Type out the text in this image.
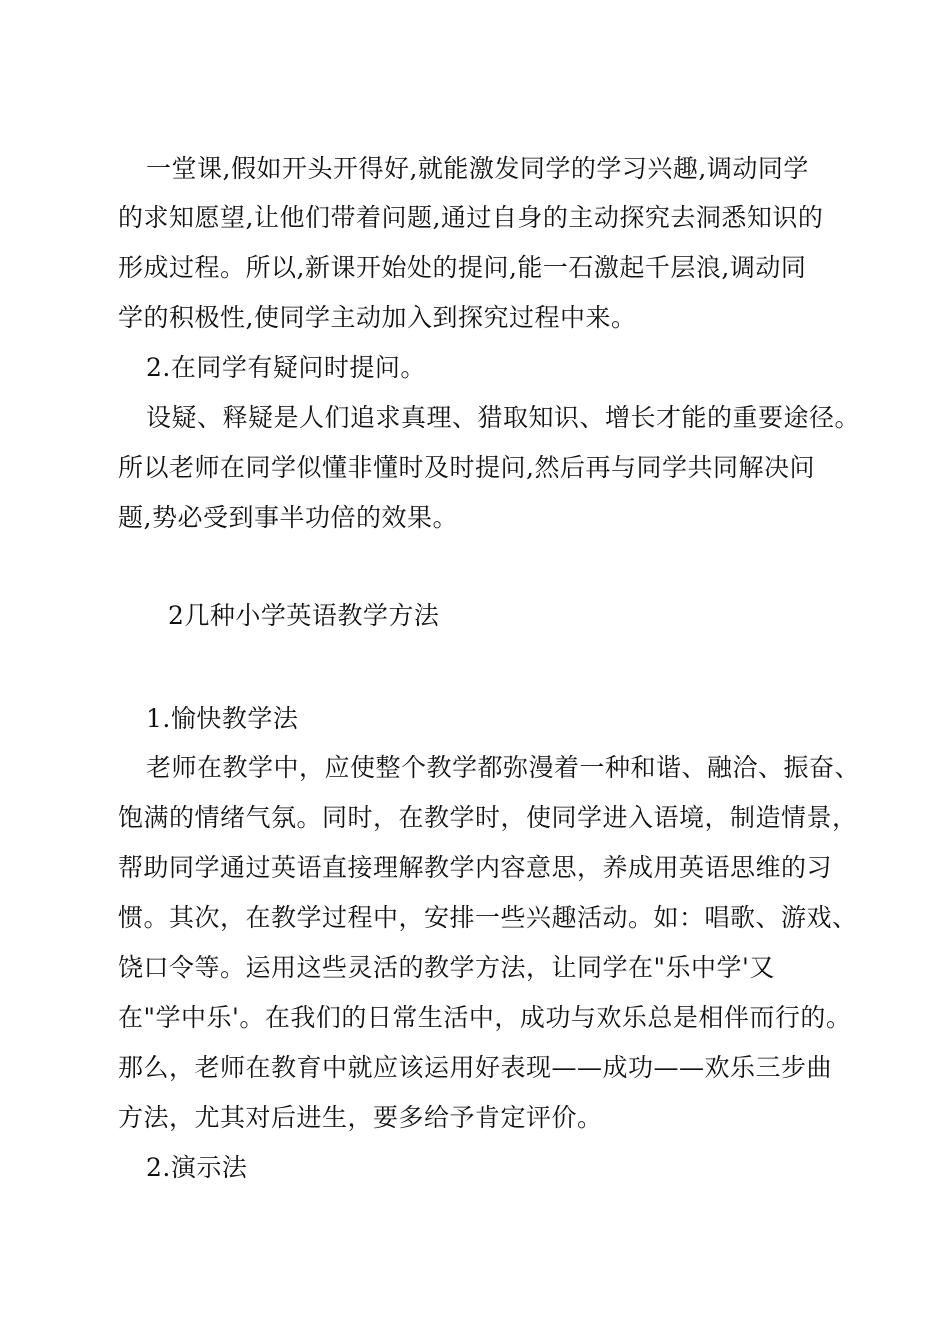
一堂课,假如开头开得好,就能激发同学的学习兴趣,调动同学
的求知愿望,让他们带着问题,通过自身的主动探究去洞悉知识的
形成过程。所以,新课开始处的提问,能一石激起千层浪,调动同
学的积极性,使同学主动加入到探究过程中来。
2.在同学有疑问时提问。
设疑、释疑是人们追求真理、猎取知识、增长才能的重要途径。
所以老师在同学似懂非懂时及时提问,然后再与同学共同解决问
题,势必受到事半功倍的效果。
2几种小学英语教学方法
1.愉快教学法
老师在教学中，应使整个教学都弥漫着一种和谐、融洽、振奋、
饱满的情绪气氛。同时，在教学时，使同学进入语境，制造情景，
帮助同学通过英语直接理解教学内容意思，养成用英语思维的习
惯。其次，在教学过程中，安排一些兴趣活动。如：唱歌、游戏、
饶口令等。运用这些灵活的教学方法，让同学在"乐中学'又
在"学中乐'。在我们的日常生活中，成功与欢乐总是相伴而行的。
那么，老师在教育中就应该运用好表现——成功——欢乐三步曲
方法，尤其对后进生，要多给予肯定评价。
2.演示法
